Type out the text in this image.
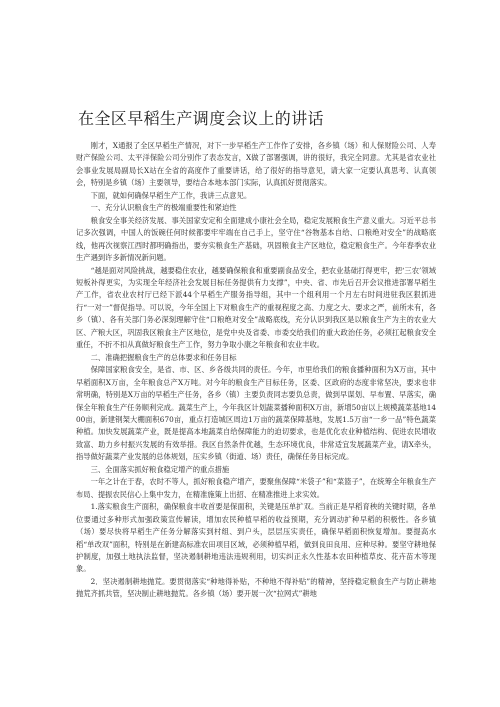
在全区早稻生产调度会议上的讲话

刚才，X通报了全区早稻生产情况，对下一步早稻生产工作作了安排，各乡镇（场）和人保财险公司、人寿财产保险公司、太平洋保险公司分别作了表态发言，X做了部署强调，讲的很好，我完全同意。尤其是省农业社会事业发展局副局长X站在全省的高度作了重要讲话，给了很好的指导意见，请大家一定要认真思考、认真领会，特别是乡镇（场）主要领导，要结合本地本部门实际，认真抓好贯彻落实。

下面，就如何确保早稻生产工作，我讲三点意见。

一、充分认识粮食生产的极端重要性和紧迫性

粮食安全事关经济发展、事关国家安定和全面建成小康社会全局，稳定发展粮食生产意义重大。习近平总书记多次强调，中国人的饭碗任何时候都要牢牢端在自己手上，坚守住“谷物基本自给、口粮绝对安全”的战略底线，他再次视察江西时都明确指出，要夯实粮食生产基础，巩固粮食主产区地位，稳定粮食生产。今年春季农业生产遇到许多新情况新问题。

“越是面对风险挑战，越要稳住农业，越要确保粮食和重要副食品安全，把农业基础打得更牢，把‘三农’领域短板补得更实，为实现全年经济社会发展目标任务提供有力支撑”，中央、省、市先后召开会议推进部署早稻生产工作，省农业农村厅已经下派44个早稻生产服务指导组，其中一个组利用一个月左右时间进驻我区狠抓进行“一对一”督促指导。可以说，今年全国上下对粮食生产的重视程度之高、力度之大、要求之严，前所未有，各乡（镇）、各有关部门务必深刻理解守住“口粮绝对安全”战略底线，充分认识到我区是以粮食生产为主的农业大区、产粮大区，巩固我区粮食主产区地位，是党中央及省委、市委交给我们的重大政治任务，必须扛起粮食安全重任，不折不扣从真做好粮食生产工作，努力争取小康之年粮食和农业丰收。

二、准确把握粮食生产的总体要求和任务目标

保障国家粮食安全，是省、市、区、乡各级共同的责任。今年，市里给我们的粮食播种面积为X万亩，其中早稻面积X万亩，全年粮食总产X万吨。对今年的粮食生产目标任务，区委、区政府的态度非常坚决，要求也非常明确，特别是X万亩的早稻生产任务，各乡（镇）主要负责同志要负总责，做到早谋划、早布置、早落实，确保全年粮食生产任务顺利完成。蔬菜生产上，今年我区计划蔬菜播种面积X万亩，新增50亩以上规模蔬菜基地1400亩，新建钢架大棚面积670亩，重点打造城区周边1万亩的蔬菜保障基地，发展1.5万亩“一乡一品”特色蔬菜种植。加快发展蔬菜产业，既是提高本地蔬菜自给保障能力的迫切要求，也是优化农业种植结构、促进农民增收致富、助力乡村振兴发展的有效举措。我区自然条件优越，生态环境优良，非常适宜发展蔬菜产业，请X牵头，指导做好蔬菜产业发展的总体规划，压实乡镇（街道、场）责任，确保任务目标完成。

三、全面落实抓好粮食稳定增产的重点措施

一年之计在于春，农时不等人，抓好粮食稳产增产，要聚焦保障“米袋子”和“菜篮子”，在统筹全年粮食生产布局、提振农民信心上集中发力，在精准施策上出招、在精准推进上求实效。

1.落实粮食生产面积，确保粮食丰收首要是保面积，关键是压单扩双。当前正是早稻育秧的关键时期，各单位要通过多种形式加强政策宣传解读，增加农民种植早稻的收益预期，充分调动扩种早稻的积极性。各乡镇（场）要尽快将早稻生产任务分解落实到村组、到户头，层层压实责任，确保早稻面积恢复增加。要提高水稻“单改双”面积，特别是在新建高标准农田项目区域，必须种植早稻，做到良田良用、应种尽种。要坚守耕地保护制度，加强土地执法监督，坚决遏制耕地违法违规利用，切实纠正永久性基本农田种植草皮、花卉苗木等现象。

2．坚决遏制耕地抛荒。要贯彻落实“种地得补贴，不种地不得补贴”的精神，坚持稳定粮食生产与防止耕地抛荒齐抓共管，坚决制止耕地抛荒。各乡镇（场）要开展一次“拉网式”耕地
